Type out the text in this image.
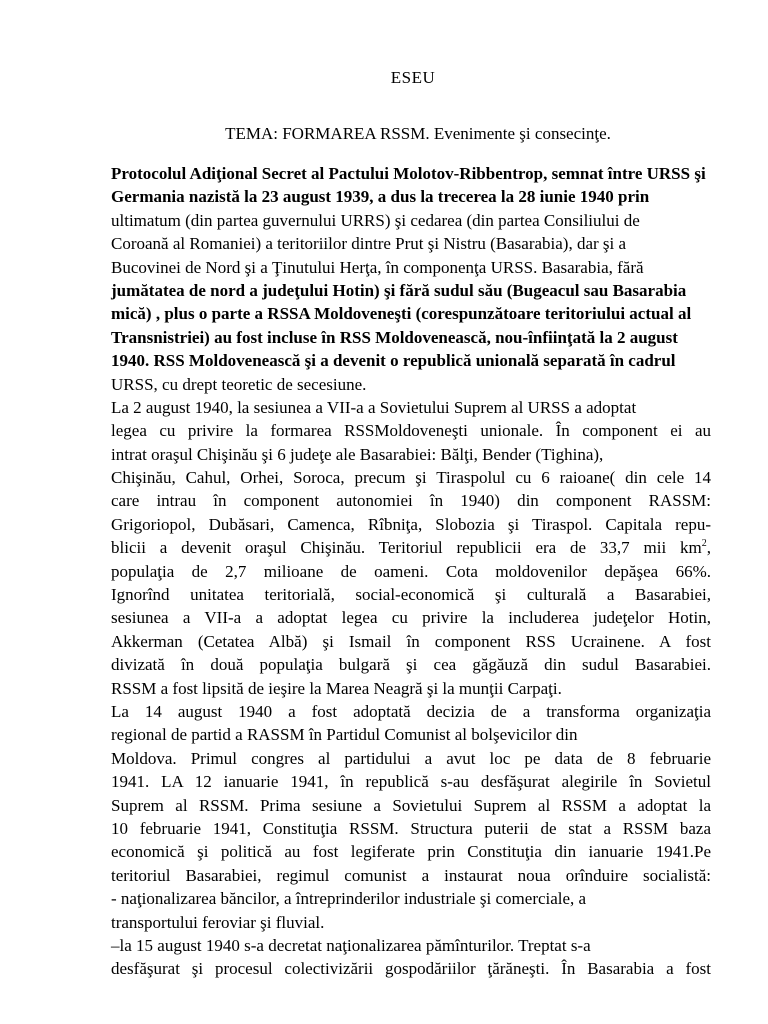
ESEU
TEMA: FORMAREA RSSM. Evenimente şi consecinţe.
Protocolul Adiţional Secret al Pactului Molotov-Ribbentrop, semnat între URSS şi
Germania nazistă la 23 august 1939, a dus la trecerea la 28 iunie 1940 prin
ultimatum (din partea guvernului URRS) şi cedarea (din partea Consiliului de
Coroană al Romaniei) a teritoriilor dintre Prut şi Nistru (Basarabia), dar şi a
Bucovinei de Nord şi a Ţinutului Herţa, în componenţa URSS. Basarabia, fără
jumătatea de nord a judeţului Hotin) şi fără sudul său (Bugeacul sau Basarabia
mică) , plus o parte a RSSA Moldoveneşti (corespunzătoare teritoriului actual al
Transnistriei) au fost incluse în RSS Moldovenească, nou-înfiinţată la 2 august
1940. RSS Moldovenească şi a devenit o republică unională separată în cadrul
URSS, cu drept teoretic de secesiune.
La 2 august 1940, la sesiunea a VII-a a Sovietului Suprem al URSS a adoptat
legea cu privire la formarea RSSMoldoveneşti unionale. În component ei au
intrat oraşul Chişinău şi 6 judeţe ale Basarabiei: Bălţi, Bender (Tighina),
Chişinău, Cahul, Orhei, Soroca, precum şi Tiraspolul cu 6 raioane( din cele 14
care intrau în component autonomiei în 1940) din component RASSM:
Grigoriopol, Dubăsari, Camenca, Rîbniţa, Slobozia şi Tiraspol. Capitala repu-
blicii a devenit oraşul Chişinău. Teritoriul republicii era de 33,7 mii $km^2$,
populaţia de 2,7 milioane de oameni. Cota moldovenilor depăşea 66%.
Ignorînd unitatea teritorială, social-economică şi culturală a Basarabiei,
sesiunea a VII-a a adoptat legea cu privire la includerea judeţelor Hotin,
Akkerman (Cetatea Albă) şi Ismail în component RSS Ucrainene. A fost
divizată în două populaţia bulgară şi cea găgăuză din sudul Basarabiei.
RSSM a fost lipsită de ieşire la Marea Neagră şi la munţii Carpaţi.
La 14 august 1940 a fost adoptată decizia de a transforma organizaţia
regional de partid a RASSM în Partidul Comunist al bolşevicilor din
Moldova. Primul congres al partidului a avut loc pe data de 8 februarie
1941. LA 12 ianuarie 1941, în republică s-au desfăşurat alegirile în Sovietul
Suprem al RSSM. Prima sesiune a Sovietului Suprem al RSSM a adoptat la
10 februarie 1941, Constituţia RSSM. Structura puterii de stat a RSSM baza
economică şi politică au fost legiferate prin Constituţia din ianuarie 1941.Pe
teritoriul Basarabiei, regimul comunist a instaurat noua orînduire socialistă:
- naţionalizarea băncilor, a întreprinderilor industriale şi comerciale, a
transportului feroviar şi fluvial.
–la 15 august 1940 s-a decretat naţionalizarea pămînturilor. Treptat s-a
desfăşurat şi procesul colectivizării gospodăriilor ţărăneşti. În Basarabia a fost
